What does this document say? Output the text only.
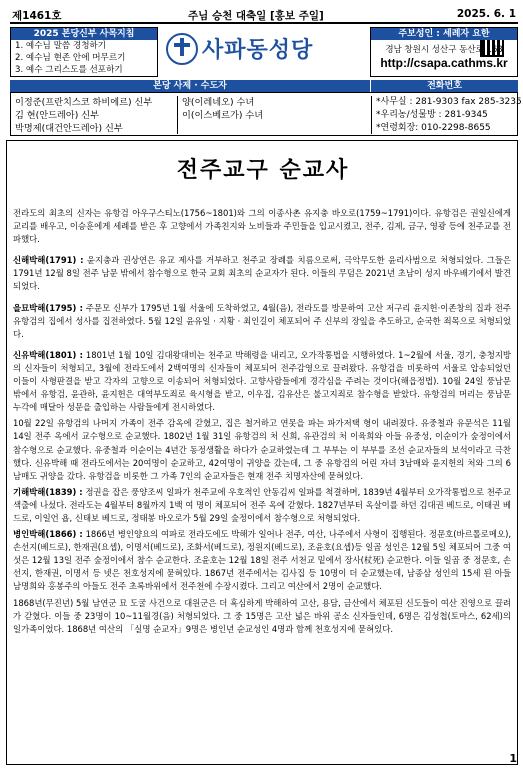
제1461호	주님 승천 대축일 [홍보 주일]	2025. 6. 1
2025 본당신부 사목지침
1. 예수님 말씀 경청하기
2. 예수님 현존 안에 머무르기
3. 예수 그리스도를 선포하기
사파동성당
주보성인 : 세례자 요한
경남 창원시 성산구 동산로 168
http://csapa.cathms.kr
본당 사제 · 수도자	전화번호
이정준(프란치스코 하비에르) 신부
김 현(안드레아) 신부
박명제(대건안드레아) 신부
양(이레네오) 수녀
이(이스베르가) 수녀
*사무실 : 281-9303 fax 285-3235
*우리농/성물방 : 281-9345
*연령회장: 010-2298-8655
전주교구 순교사

전라도의 최초의 신자는 유항검 아우구스티노(1756~1801)와 그의 이종사촌 유지충 바오로(1759~1791)이다. 유항검은 권일신에게 교리를 배우고, 이승훈에게 세례를 받은 후 고향에서 가족친지와 노비들과 주민들을 입교시켰고, 전주, 김제, 금구, 영광 등에 천주교를 전파했다.

신해박해(1791) : 윤지충과 권상연은 유교 제사를 거부하고 천주교 장례를 치름으로써, 극악무도한 윤리사범으로 처형되었다. 그들은 1791년 12월 8일 전주 남문 밖에서 참수형으로 한국 교회 최초의 순교자가 된다. 이들의 무덤은 2021년 초남이 성지 바우배기에서 발견되었다.

을묘박해(1795) : 주문모 신부가 1795년 1월 서울에 도착하였고, 4월(음), 전라도를 방문하여 고산 저구리 윤지헌·이존창의 집과 전주 유항검의 집에서 성사를 집전하였다. 5월 12일 윤유일 · 지황 · 최인길이 체포되어 주 신부의 장잎을 추도하고, 순국한 죄목으로 처형되었다.

신유박해(1801) : 1801년 1월 10일 김대왕대비는 천주교 박해령을 내리고, 오가작통법을 시행하였다. 1~2월에 서울, 경기, 충청지방의 신자들이 처형되고, 3월에 전라도에서 2백여명의 신자들이 체포되어 전주감영으로 끌려왔다. 유항검을 비롯하여 서울로 압송되었던 이들이 사형판결을 받고 각자의 고향으로 이송되어 처형되었다. 고향사람들에게 경각심을 주려는 것이다(해읍정법). 10월 24일 풍남문 밖에서 유항검, 윤관하, 윤지헌은 대역부도죄로 육시형을 받고, 이우집, 김유산은 불고지죄로 참수형을 받았다. 유항검의 머리는 풍남문 누각에 매달아 성문을 출입하는 사람들에게 전시하였다.

10월 22일 유항검의 나머지 가족이 전주 감옥에 갇혔고, 집은 철거하고 연못을 파는 파가저택 형이 내려졌다. 유중철과 유문석은 11월 14일 전주 옥에서 교수형으로 순교했다. 1802년 1월 31일 유항검의 처 신희, 유관검의 처 이육희와 아들 유중성, 이순이가 숲정이에서 참수형으로 순교했다. 유중철과 이순이는 4년간 동정생활을 하다가 순교하였는데 그 부부는 이 부부를 조선 순교자들의 보석이라고 극찬했다. 신유박해 때 전라도에서는 20여명이 순교하고, 42여명이 귀양을 갔는데, 그 중 유항검의 어린 자녀 3남매와 윤지헌의 처와 그의 6남매도 귀양을 갔다. 유항검을 비롯한 그 가족 7인의 순교자들은 현재 전주 치명자산에 묻혀있다.

기해박해(1839) : 정권을 잡은 풍양조씨 일파가 천주교에 우호적인 안동김씨 일파를 척결하며, 1839년 4월부터 오가작통법으로 천주교 색출에 나섰다. 전라도는 4월부터 8월까지 1백 여 명이 체포되어 전주 옥에 갇혔다. 1827년부터 옥살이를 하던 김대권 베드로, 이태권 베드로, 이일언 욥, 신태보 베드로, 정태봉 바오로가 5월 29일 숲정이에서 참수형으로 처형되었다.

병인박해(1866) : 1866년 병인양요의 여파로 전라도에도 박해가 일어나 전주, 여산, 나주에서 사형이 집행된다. 정문호(바르톨로메오), 손선지(베드로), 한재권(요셉), 이명서(베드로), 조화서(베드로), 정원지(베드로), 조윤호(요셉)등 일곱 성인은 12월 5일 체포되어 그중 여섯은 12월 13일 전주 숲정이에서 참수 순교한다. 조윤호는 12월 18일 전주 서천교 밑에서 장사(杖死) 순교한다. 이들 일곱 중 정문호, 손선지, 한재권, 이명서 등 넷은 천호성지에 묻혀있다. 1867년 전주에서는 김사집 등 10명이 더 순교했는데, 남종삼 성인의 15세 된 아들 남명희와 홍봉주의 아들도 전주 초록바위에서 전주천에 수장시켰다. 그리고 여산에서 2명이 순교했다.

1868년(무진년) 5월 남연군 묘 도굴 사건으로 대원군은 더 혹심하게 박해하여 고산, 용담, 금산에서 체포된 신도들이 여산 진영으로 끌려가 갇혔다. 이들 중 23명이 10~11월경(음) 처형되었다. 그 중 15명은 고산 넓은 바위 공소 신자들인데, 6명은 김성첩(토마스, 62세)의 일가족이었다. 1868년 여산의 「실명 순교자」9명은 병인년 순교성인 4명과 함께 천호성지에 묻혀있다.

1
